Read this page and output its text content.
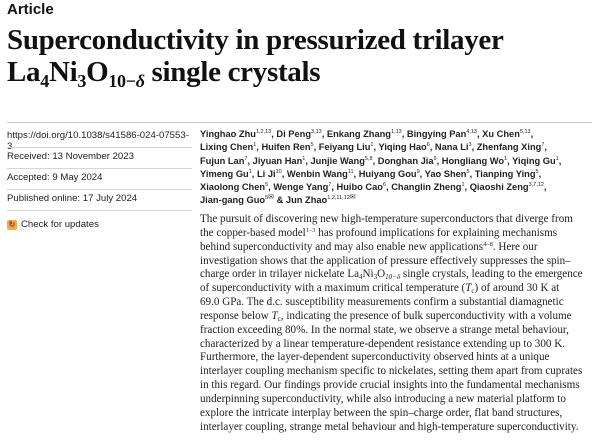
Article
Superconductivity in pressurized trilayer
$La_4Ni_3O_{10-\delta}$ single crystals
https://doi.org/10.1038/s41586-024-07553-3
Received: 13 November 2023
Accepted: 9 May 2024
Published online: 17 July 2024
↻ Check for updates
Yinghao Zhu$^{1,2,13}$, Di Peng$^{3,13}$, Enkang Zhang$^{1,13}$, Bingying Pan$^{4,13}$, Xu Chen$^{5,13}$, Lixing Chen$^1$, Huifen Ren$^5$, Feiyang Liu$^1$, Yiqing Hao$^6$, Nana Li$^3$, Zhenfang Xing$^7$, Fujun Lan$^7$, Jiyuan Han$^1$, Junjie Wang$^{5,8}$, Donghan Jia$^9$, Hongliang Wo$^1$, Yiqing Gu$^1$, Yimeng Gu$^1$, Li Ji$^{10}$, Wenbin Wang$^{11}$, Huiyang Gou$^9$, Yao Shen$^5$, Tianping Ying$^5$, Xiaolong Chen$^5$, Wenge Yang$^7$, Huibo Cao$^6$, Changlin Zheng$^1$, Qiaoshi Zeng$^{3,7,12}$, Jian-gang Guo$^{5✉}$ & Jun Zhao$^{1,2,11,12✉}$
The pursuit of discovering new high-temperature superconductors that diverge from
the copper-based model$^{1-3}$ has profound implications for explaining mechanisms
behind superconductivity and may also enable new applications$^{4-8}$. Here our
investigation shows that the application of pressure effectively suppresses the spin–
charge order in trilayer nickelate $La_4Ni_3O_{10-\delta}$ single crystals, leading to the emergence
of superconductivity with a maximum critical temperature $(T_c)$ of around 30 K at
69.0 GPa. The d.c. susceptibility measurements confirm a substantial diamagnetic
response below $T_c$, indicating the presence of bulk superconductivity with a volume
fraction exceeding 80%. In the normal state, we observe a strange metal behaviour,
characterized by a linear temperature-dependent resistance extending up to 300 K.
Furthermore, the layer-dependent superconductivity observed hints at a unique
interlayer coupling mechanism specific to nickelates, setting them apart from cuprates
in this regard. Our findings provide crucial insights into the fundamental mechanisms
underpinning superconductivity, while also introducing a new material platform to
explore the intricate interplay between the spin–charge order, flat band structures,
interlayer coupling, strange metal behaviour and high-temperature superconductivity.
